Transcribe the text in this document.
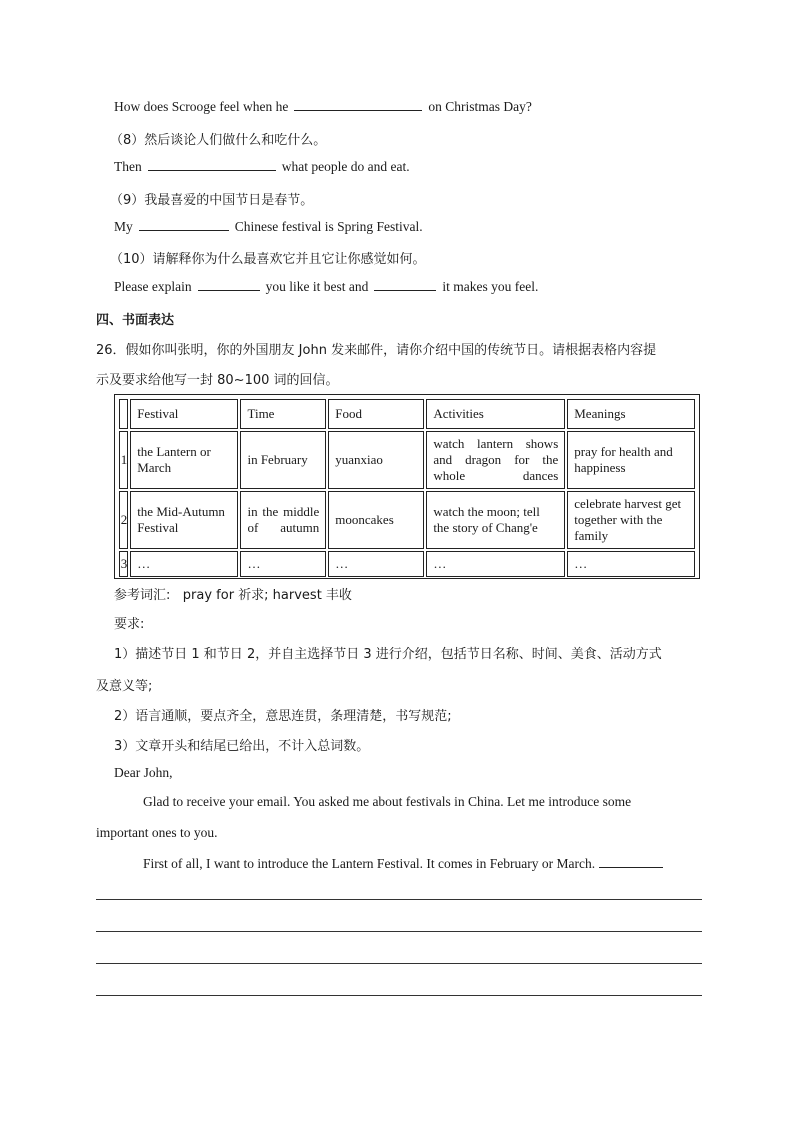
How does Scrooge feel when he	on Christmas Day?
（8）然后谈论人们做什么和吃什么。
Then	what people do and eat.
（9）我最喜爱的中国节日是春节。
My	Chinese festival is Spring Festival.
（10）请解释你为什么最喜欢它并且它让你感觉如何。
Please explain	you like it best and	it makes you feel.
四、书面表达
26．假如你叫张明，你的外国朋友 John 发来邮件，请你介绍中国的传统节日。请根据表格内容提
示及要求给他写一封 80~100 词的回信。
	Festival	Time	Food	Activities	Meanings
1	the Lantern or March	in February	yuanxiao	watch lantern shows and dragon for the whole dances	pray for health and happiness
2	the Mid-Autumn Festival	in the middle of autumn	mooncakes	watch the moon; tell the story of Chang'e	celebrate harvest get together with the family
3	…	…	…	…	…
参考词汇:   pray for 祈求; harvest 丰收
要求:
1）描述节日 1 和节日 2，并自主选择节日 3 进行介绍，包括节日名称、时间、美食、活动方式
及意义等;
2）语言通顺，要点齐全，意思连贯，条理清楚，书写规范;
3）文章开头和结尾已给出，不计入总词数。
Dear John,
Glad to receive your email. You asked me about festivals in China. Let me introduce some
important ones to you.
First of all, I want to introduce the Lantern Festival. It comes in February or March.
